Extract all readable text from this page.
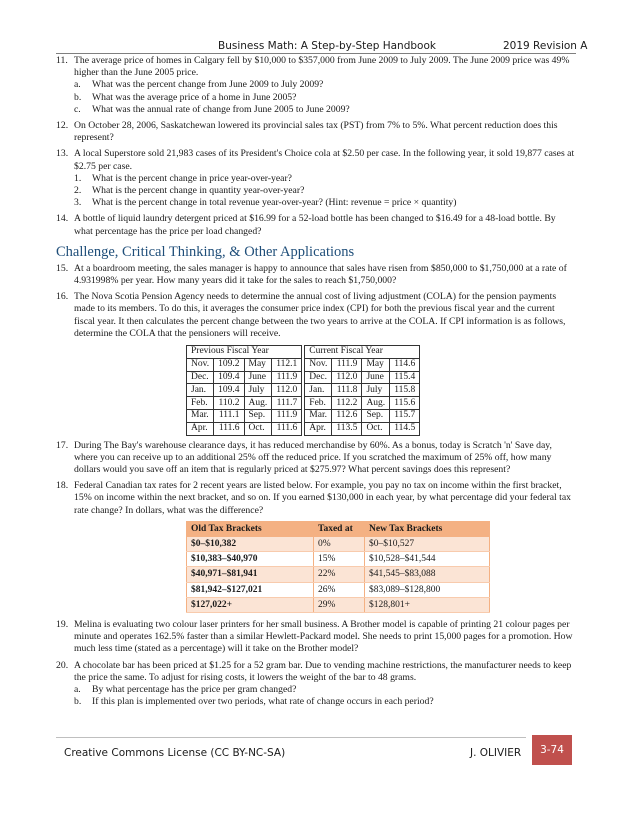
Business Math: A Step-by-Step Handbook	2019 Revision A
11. The average price of homes in Calgary fell by $10,000 to $357,000 from June 2009 to July 2009. The June 2009 price was 49% higher than the June 2005 price.
a. What was the percent change from June 2009 to July 2009?
b. What was the average price of a home in June 2005?
c. What was the annual rate of change from June 2005 to June 2009?
12. On October 28, 2006, Saskatchewan lowered its provincial sales tax (PST) from 7% to 5%. What percent reduction does this represent?
13. A local Superstore sold 21,983 cases of its President's Choice cola at $2.50 per case. In the following year, it sold 19,877 cases at $2.75 per case.
1. What is the percent change in price year-over-year?
2. What is the percent change in quantity year-over-year?
3. What is the percent change in total revenue year-over-year? (Hint: revenue = price × quantity)
14. A bottle of liquid laundry detergent priced at $16.99 for a 52-load bottle has been changed to $16.49 for a 48-load bottle. By what percentage has the price per load changed?
Challenge, Critical Thinking, & Other Applications
15. At a boardroom meeting, the sales manager is happy to announce that sales have risen from $850,000 to $1,750,000 at a rate of 4.931998% per year. How many years did it take for the sales to reach $1,750,000?
16. The Nova Scotia Pension Agency needs to determine the annual cost of living adjustment (COLA) for the pension payments made to its members. To do this, it averages the consumer price index (CPI) for both the previous fiscal year and the current fiscal year. It then calculates the percent change between the two years to arrive at the COLA. If CPI information is as follows, determine the COLA that the pensioners will receive.
Previous Fiscal Year					Current Fiscal Year			
Nov.	109.2	May	112.1		Nov.	111.9	May	114.6
Dec.	109.4	June	111.9		Dec.	112.0	June	115.4
Jan.	109.4	July	112.0		Jan.	111.8	July	115.8
Feb.	110.2	Aug.	111.7		Feb.	112.2	Aug.	115.6
Mar.	111.1	Sep.	111.9		Mar.	112.6	Sep.	115.7
Apr.	111.6	Oct.	111.6		Apr.	113.5	Oct.	114.5
17. During The Bay's warehouse clearance days, it has reduced merchandise by 60%. As a bonus, today is Scratch 'n' Save day, where you can receive up to an additional 25% off the reduced price. If you scratched the maximum of 25% off, how many dollars would you save off an item that is regularly priced at $275.97? What percent savings does this represent?
18. Federal Canadian tax rates for 2 recent years are listed below. For example, you pay no tax on income within the first bracket, 15% on income within the next bracket, and so on. If you earned $130,000 in each year, by what percentage did your federal tax rate change? In dollars, what was the difference?
Old Tax Brackets	Taxed at	New Tax Brackets
$0–$10,382	0%	$0–$10,527
$10,383–$40,970	15%	$10,528–$41,544
$40,971–$81,941	22%	$41,545–$83,088
$81,942–$127,021	26%	$83,089–$128,800
$127,022+	29%	$128,801+
19. Melina is evaluating two colour laser printers for her small business. A Brother model is capable of printing 21 colour pages per minute and operates 162.5% faster than a similar Hewlett-Packard model. She needs to print 15,000 pages for a promotion. How much less time (stated as a percentage) will it take on the Brother model?
20. A chocolate bar has been priced at $1.25 for a 52 gram bar. Due to vending machine restrictions, the manufacturer needs to keep the price the same. To adjust for rising costs, it lowers the weight of the bar to 48 grams.
a. By what percentage has the price per gram changed?
b. If this plan is implemented over two periods, what rate of change occurs in each period?
Creative Commons License (CC BY-NC-SA)	J. OLIVIER	3-74
